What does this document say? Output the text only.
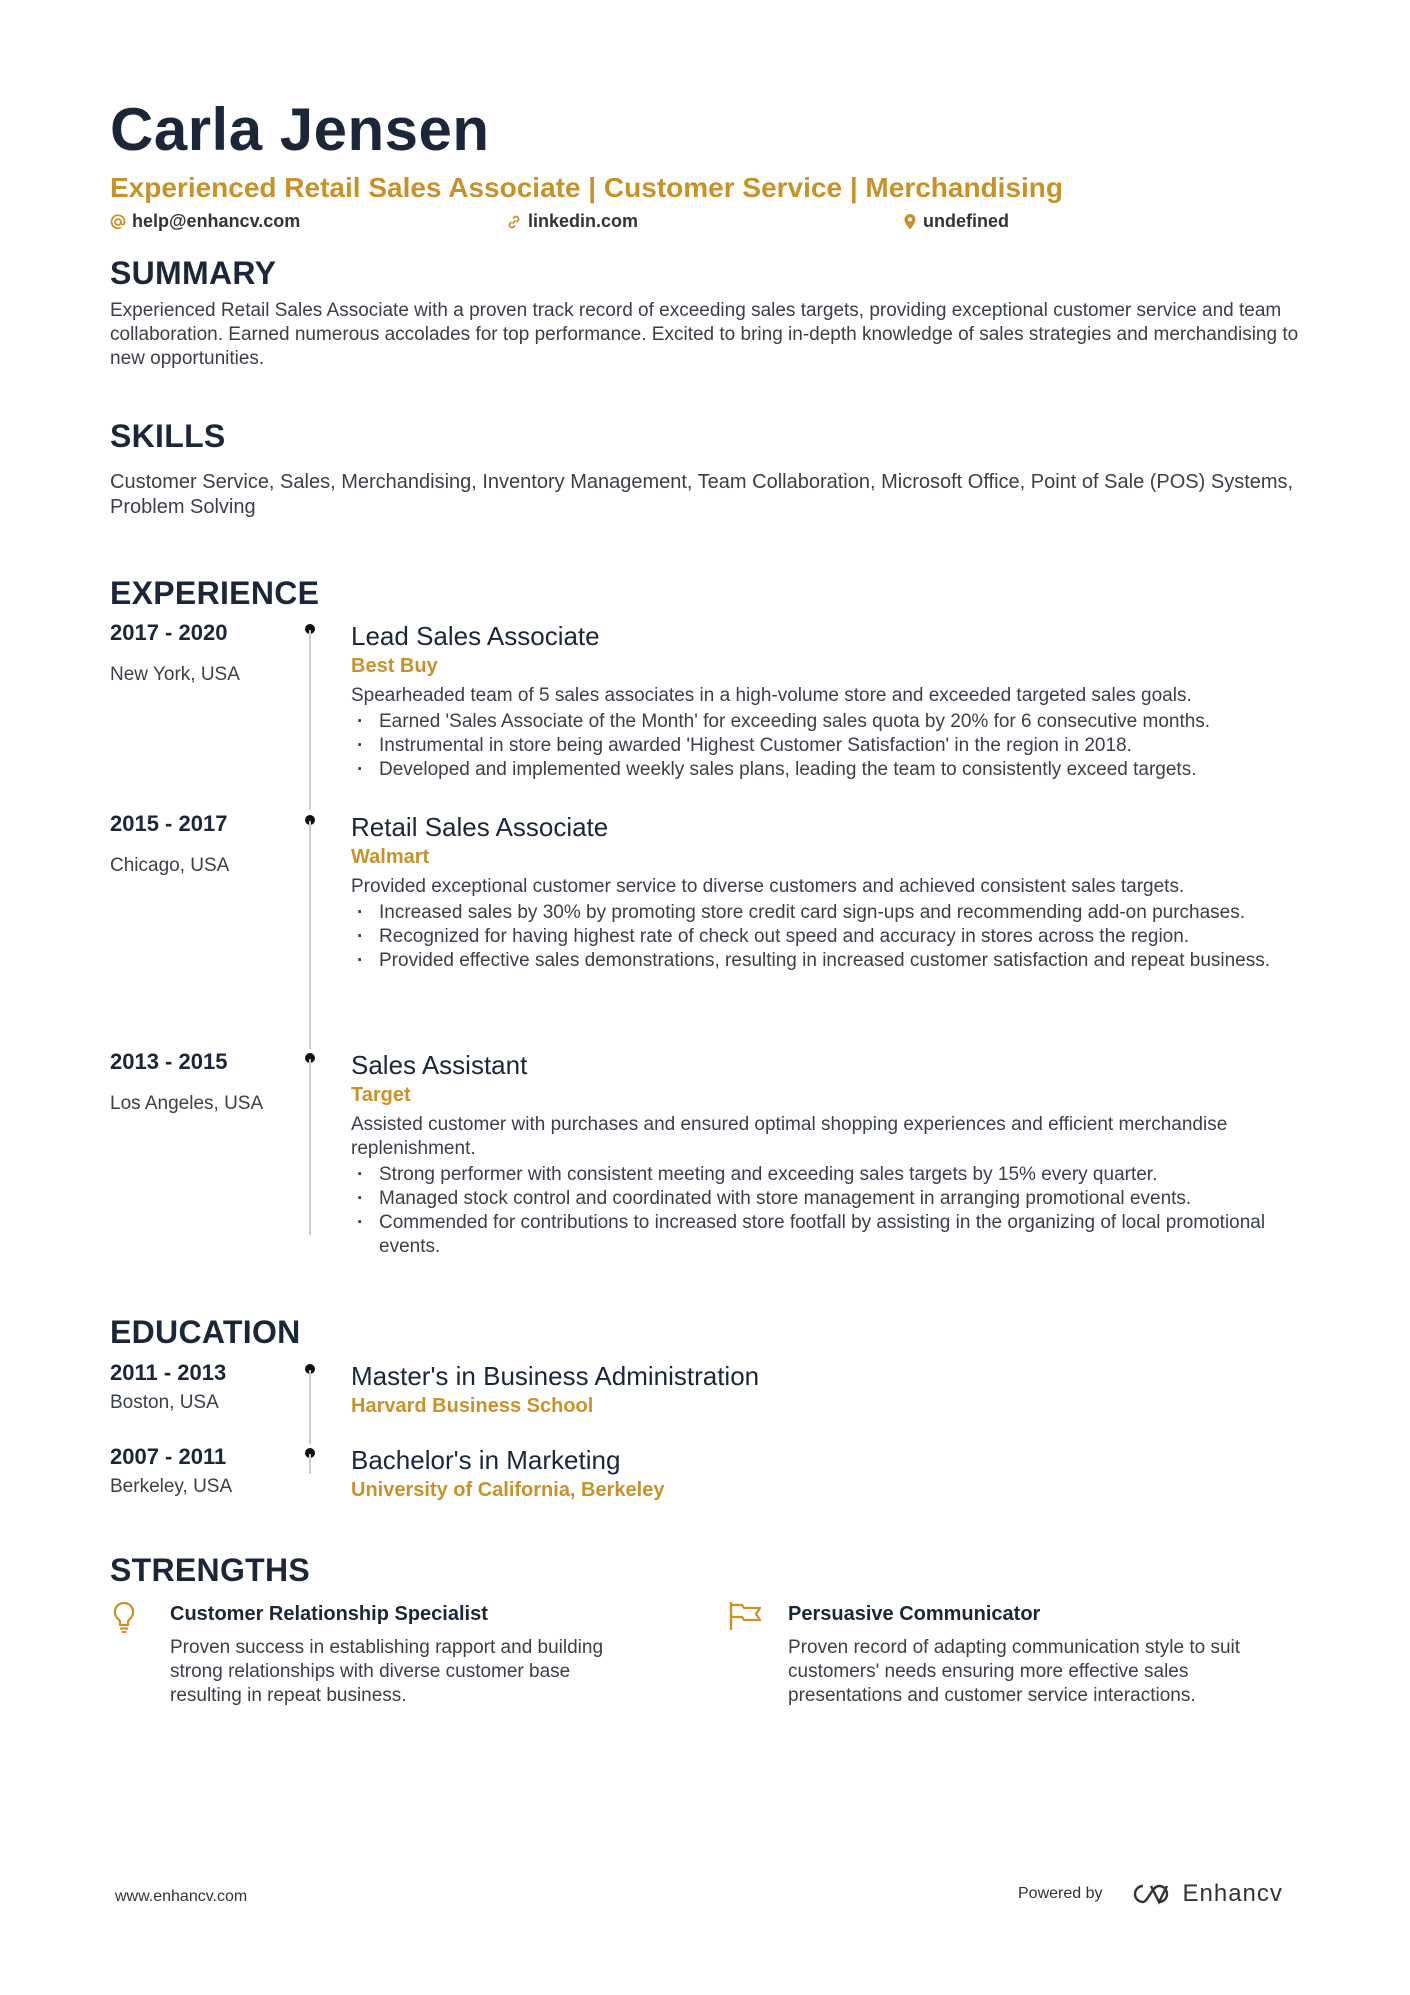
Carla Jensen
Experienced Retail Sales Associate | Customer Service | Merchandising
help@enhancv.com	linkedin.com	undefined
SUMMARY
Experienced Retail Sales Associate with a proven track record of exceeding sales targets, providing exceptional customer service and team collaboration. Earned numerous accolades for top performance. Excited to bring in-depth knowledge of sales strategies and merchandising to new opportunities.
SKILLS
Customer Service, Sales, Merchandising, Inventory Management, Team Collaboration, Microsoft Office, Point of Sale (POS) Systems, Problem Solving
EXPERIENCE
2017 - 2020
New York, USA
Lead Sales Associate
Best Buy
Spearheaded team of 5 sales associates in a high-volume store and exceeded targeted sales goals.
· Earned 'Sales Associate of the Month' for exceeding sales quota by 20% for 6 consecutive months.
· Instrumental in store being awarded 'Highest Customer Satisfaction' in the region in 2018.
· Developed and implemented weekly sales plans, leading the team to consistently exceed targets.
2015 - 2017
Chicago, USA
Retail Sales Associate
Walmart
Provided exceptional customer service to diverse customers and achieved consistent sales targets.
· Increased sales by 30% by promoting store credit card sign-ups and recommending add-on purchases.
· Recognized for having highest rate of check out speed and accuracy in stores across the region.
· Provided effective sales demonstrations, resulting in increased customer satisfaction and repeat business.
2013 - 2015
Los Angeles, USA
Sales Assistant
Target
Assisted customer with purchases and ensured optimal shopping experiences and efficient merchandise replenishment.
· Strong performer with consistent meeting and exceeding sales targets by 15% every quarter.
· Managed stock control and coordinated with store management in arranging promotional events.
· Commended for contributions to increased store footfall by assisting in the organizing of local promotional events.
EDUCATION
2011 - 2013
Boston, USA
Master's in Business Administration
Harvard Business School
2007 - 2011
Berkeley, USA
Bachelor's in Marketing
University of California, Berkeley
STRENGTHS
Customer Relationship Specialist
Proven success in establishing rapport and building strong relationships with diverse customer base resulting in repeat business.
Persuasive Communicator
Proven record of adapting communication style to suit customers' needs ensuring more effective sales presentations and customer service interactions.
www.enhancv.com	Powered by	Enhancv
